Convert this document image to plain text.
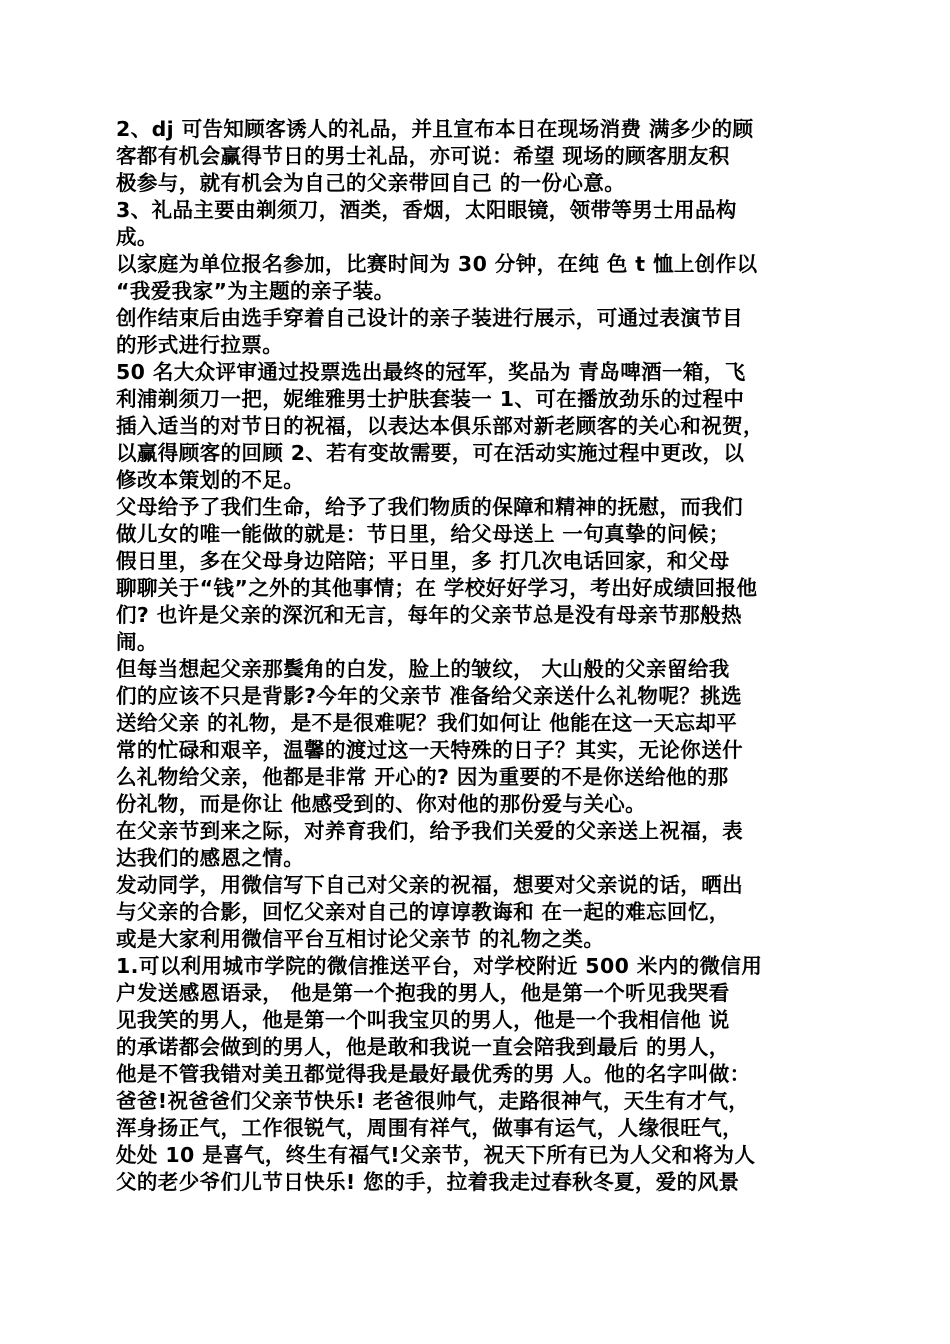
2、dj 可告知顾客诱人的礼品，并且宣布本日在现场消费 满多少的顾
客都有机会赢得节日的男士礼品，亦可说：希望 现场的顾客朋友积
极参与，就有机会为自己的父亲带回自己 的一份心意。

3、礼品主要由剃须刀，酒类，香烟，太阳眼镜，领带等男士用品构
成。

以家庭为单位报名参加，比赛时间为 30 分钟，在纯 色 t 恤上创作以
“我爱我家”为主题的亲子装。

创作结束后由选手穿着自己设计的亲子装进行展示，可通过表演节目
的形式进行拉票。

50 名大众评审通过投票选出最终的冠军，奖品为 青岛啤酒一箱，飞
利浦剃须刀一把，妮维雅男士护肤套装一 1、可在播放劲乐的过程中
插入适当的对节日的祝福，以表达本俱乐部对新老顾客的关心和祝贺，
以赢得顾客的回顾 2、若有变故需要，可在活动实施过程中更改，以
修改本策划的不足。

父母给予了我们生命，给予了我们物质的保障和精神的抚慰，而我们
做儿女的唯一能做的就是：节日里，给父母送上 一句真挚的问候；
假日里，多在父母身边陪陪；平日里，多 打几次电话回家，和父母
聊聊关于“钱”之外的其他事情；在 学校好好学习，考出好成绩回报他
们? 也许是父亲的深沉和无言，每年的父亲节总是没有母亲节那般热
闹。

但每当想起父亲那鬓角的白发，脸上的皱纹， 大山般的父亲留给我
们的应该不只是背影?今年的父亲节 准备给父亲送什么礼物呢？挑选
送给父亲 的礼物，是不是很难呢？我们如何让 他能在这一天忘却平
常的忙碌和艰辛，温馨的渡过这一天特殊的日子？其实，无论你送什
么礼物给父亲，他都是非常 开心的? 因为重要的不是你送给他的那
份礼物，而是你让 他感受到的、你对他的那份爱与关心。

在父亲节到来之际，对养育我们，给予我们关爱的父亲送上祝福，表
达我们的感恩之情。

发动同学，用微信写下自己对父亲的祝福，想要对父亲说的话，晒出
与父亲的合影，回忆父亲对自己的谆谆教诲和 在一起的难忘回忆，
或是大家利用微信平台互相讨论父亲节 的礼物之类。

1.可以利用城市学院的微信推送平台，对学校附近 500 米内的微信用
户发送感恩语录， 他是第一个抱我的男人，他是第一个听见我哭看
见我笑的男人，他是第一个叫我宝贝的男人，他是一个我相信他 说
的承诺都会做到的男人，他是敢和我说一直会陪我到最后 的男人，
他是不管我错对美丑都觉得我是最好最优秀的男 人。他的名字叫做：
爸爸!祝爸爸们父亲节快乐! 老爸很帅气，走路很神气，天生有才气，
浑身扬正气，工作很锐气，周围有祥气，做事有运气，人缘很旺气，
处处 10 是喜气，终生有福气!父亲节，祝天下所有已为人父和将为人
父的老少爷们儿节日快乐! 您的手，拉着我走过春秋冬夏，爱的风景
